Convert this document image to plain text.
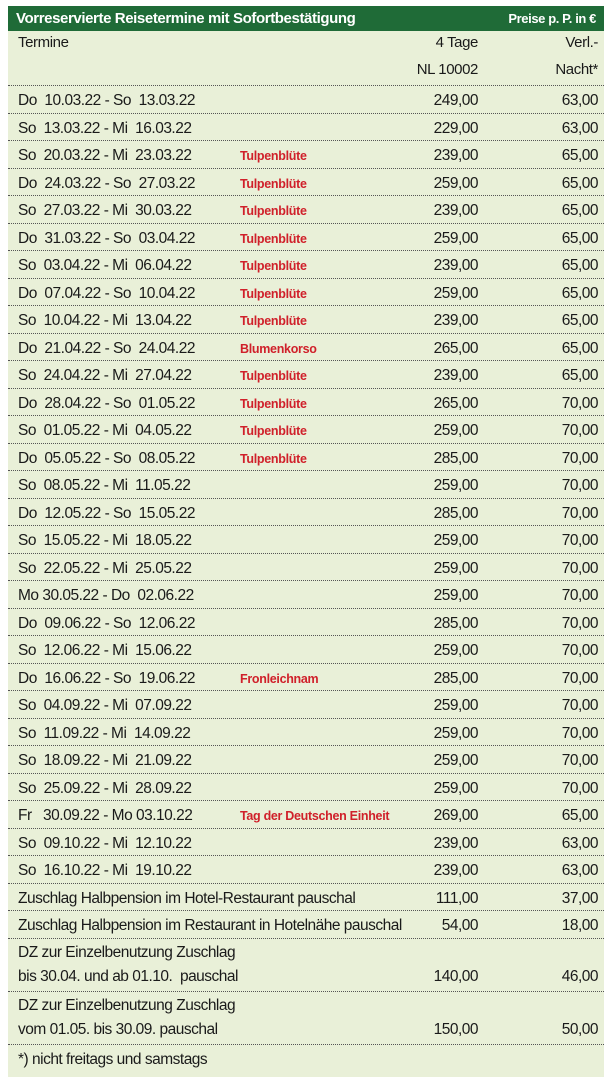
Vorreservierte Reisetermine mit Sofortbestätigung	Preise p. P. in €
Termine	4 Tage	Verl.-
NL 10002	Nacht*
Do  10.03.22 - So  13.03.22	249,00	63,00
So  13.03.22 - Mi  16.03.22	229,00	63,00
So  20.03.22 - Mi  23.03.22	Tulpenblüte	239,00	65,00
Do  24.03.22 - So  27.03.22	Tulpenblüte	259,00	65,00
So  27.03.22 - Mi  30.03.22	Tulpenblüte	239,00	65,00
Do  31.03.22 - So  03.04.22	Tulpenblüte	259,00	65,00
So  03.04.22 - Mi  06.04.22	Tulpenblüte	239,00	65,00
Do  07.04.22 - So  10.04.22	Tulpenblüte	259,00	65,00
So  10.04.22 - Mi  13.04.22	Tulpenblüte	239,00	65,00
Do  21.04.22 - So  24.04.22	Blumenkorso	265,00	65,00
So  24.04.22 - Mi  27.04.22	Tulpenblüte	239,00	65,00
Do  28.04.22 - So  01.05.22	Tulpenblüte	265,00	70,00
So  01.05.22 - Mi  04.05.22	Tulpenblüte	259,00	70,00
Do  05.05.22 - So  08.05.22	Tulpenblüte	285,00	70,00
So  08.05.22 - Mi  11.05.22	259,00	70,00
Do  12.05.22 - So  15.05.22	285,00	70,00
So  15.05.22 - Mi  18.05.22	259,00	70,00
So  22.05.22 - Mi  25.05.22	259,00	70,00
Mo 30.05.22 - Do  02.06.22	259,00	70,00
Do  09.06.22 - So  12.06.22	285,00	70,00
So  12.06.22 - Mi  15.06.22	259,00	70,00
Do  16.06.22 - So  19.06.22	Fronleichnam	285,00	70,00
So  04.09.22 - Mi  07.09.22	259,00	70,00
So  11.09.22 - Mi  14.09.22	259,00	70,00
So  18.09.22 - Mi  21.09.22	259,00	70,00
So  25.09.22 - Mi  28.09.22	259,00	70,00
Fr   30.09.22 - Mo 03.10.22	Tag der Deutschen Einheit	269,00	65,00
So  09.10.22 - Mi  12.10.22	239,00	63,00
So  16.10.22 - Mi  19.10.22	239,00	63,00
Zuschlag Halbpension im Hotel-Restaurant pauschal	111,00	37,00
Zuschlag Halbpension im Restaurant in Hotelnähe pauschal	54,00	18,00
DZ zur Einzelbenutzung Zuschlag
bis 30.04. und ab 01.10.  pauschal	140,00	46,00
DZ zur Einzelbenutzung Zuschlag
vom 01.05. bis 30.09. pauschal	150,00	50,00
*) nicht freitags und samstags
